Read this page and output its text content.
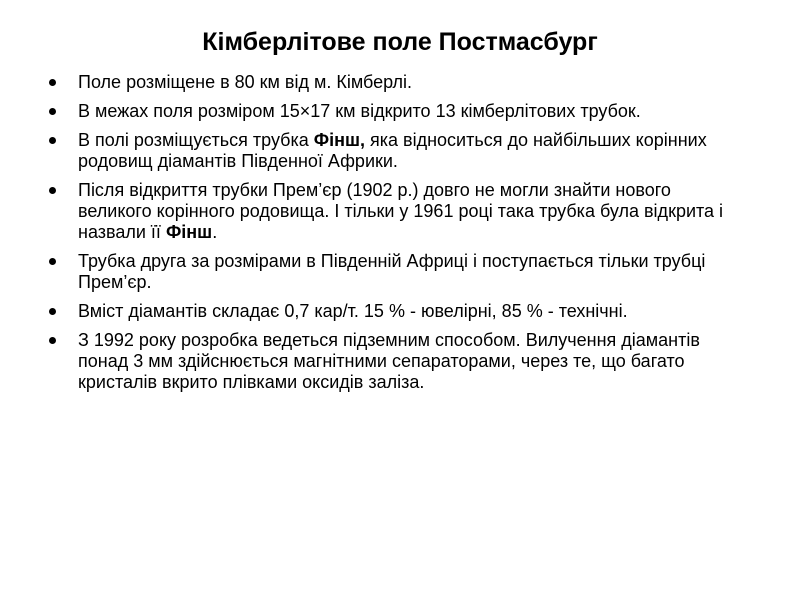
Кімберлітове поле Постмасбург
Поле розміщене в 80 км від м. Кімберлі.
В межах поля розміром 15×17 км відкрито 13 кімберлітових трубок.
В полі розміщується трубка Фінш, яка відноситься до найбільших корінних родовищ діамантів Південної Африки.
Після відкриття трубки Прем’єр (1902 р.) довго не могли знайти нового великого корінного родовища. І тільки у 1961 році така трубка була відкрита і назвали її Фінш.
Трубка друга за розмірами в Південній Африці і поступається тільки трубці Прем’єр.
Вміст діамантів складає 0,7 кар/т. 15 % - ювелірні, 85 % - технічні.
З 1992 року розробка ведеться підземним способом. Вилучення діамантів понад 3 мм здійснюється магнітними сепараторами, через те, що багато кристалів вкрито плівками оксидів заліза.
